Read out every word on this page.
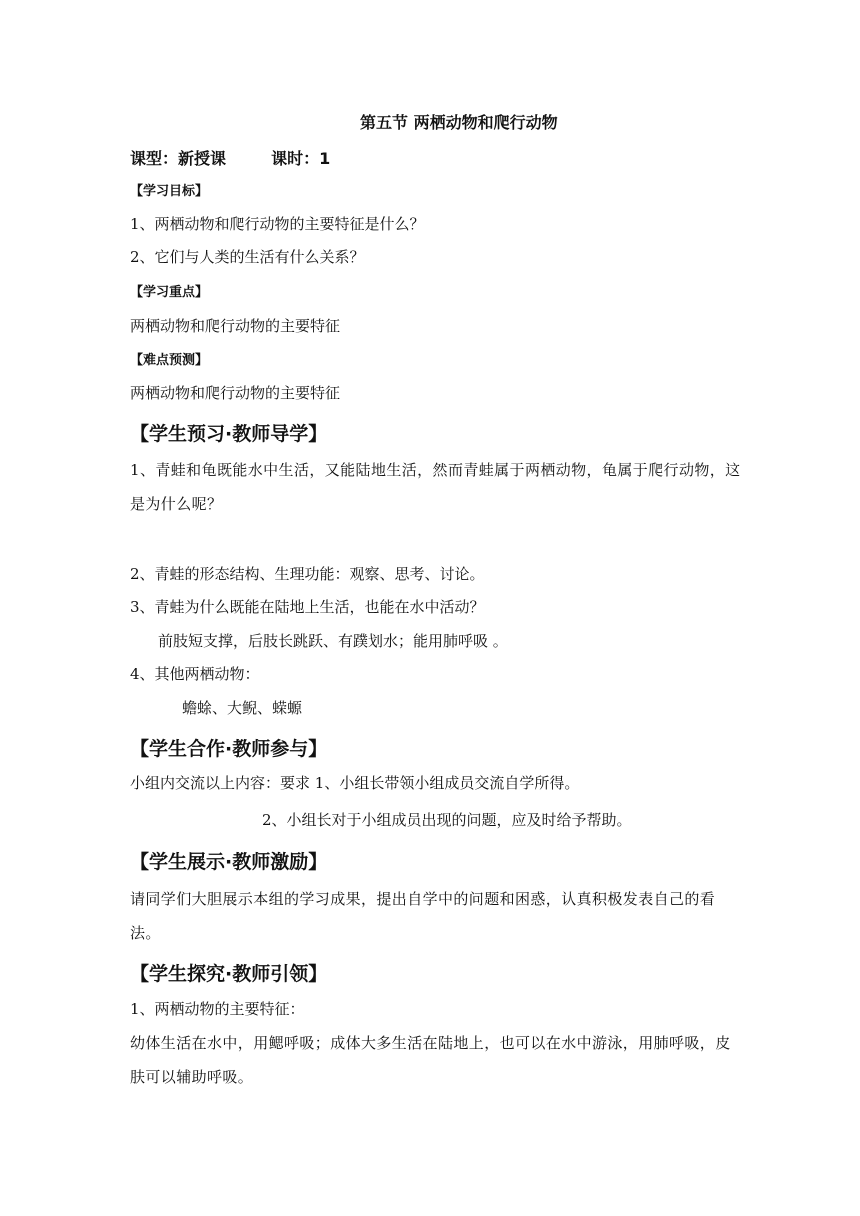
第五节 两栖动物和爬行动物
课型：新授课	课时：1
【学习目标】
1、两栖动物和爬行动物的主要特征是什么？
2、它们与人类的生活有什么关系？
【学习重点】
两栖动物和爬行动物的主要特征
【难点预测】
两栖动物和爬行动物的主要特征
【学生预习·教师导学】
1、青蛙和龟既能水中生活，又能陆地生活，然而青蛙属于两栖动物，龟属于爬行动物，这是为什么呢？
2、青蛙的形态结构、生理功能：观察、思考、讨论。
3、青蛙为什么既能在陆地上生活，也能在水中活动？
前肢短支撑，后肢长跳跃、有蹼划水；能用肺呼吸 。
4、其他两栖动物：
蟾蜍、大鲵、蝾螈
【学生合作·教师参与】
小组内交流以上内容：要求 1、小组长带领小组成员交流自学所得。
2、小组长对于小组成员出现的问题，应及时给予帮助。
【学生展示·教师激励】
请同学们大胆展示本组的学习成果，提出自学中的问题和困惑，认真积极发表自己的看法。
【学生探究·教师引领】
1、两栖动物的主要特征：
幼体生活在水中，用鳃呼吸；成体大多生活在陆地上，也可以在水中游泳，用肺呼吸，皮肤可以辅助呼吸。
